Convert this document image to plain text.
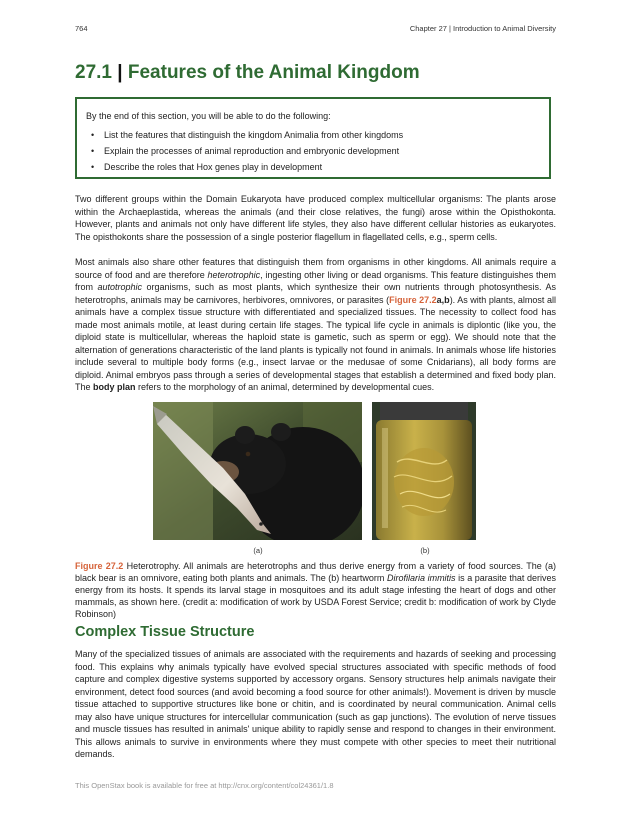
764	Chapter 27 | Introduction to Animal Diversity
27.1 | Features of the Animal Kingdom

By the end of this section, you will be able to do the following:

• List the features that distinguish the kingdom Animalia from other kingdoms
• Explain the processes of animal reproduction and embryonic development
• Describe the roles that Hox genes play in development

Two different groups within the Domain Eukaryota have produced complex multicellular organisms: The plants arose within the Archaeplastida, whereas the animals (and their close relatives, the fungi) arose within the Opisthokonta. However, plants and animals not only have different life styles, they also have different cellular histories as eukaryotes. The opisthokonts share the possession of a single posterior flagellum in flagellated cells, e.g., sperm cells.

Most animals also share other features that distinguish them from organisms in other kingdoms. All animals require a source of food and are therefore heterotrophic, ingesting other living or dead organisms. This feature distinguishes them from autotrophic organisms, such as most plants, which synthesize their own nutrients through photosynthesis. As heterotrophs, animals may be carnivores, herbivores, omnivores, or parasites (Figure 27.2a,b). As with plants, almost all animals have a complex tissue structure with differentiated and specialized tissues. The necessity to collect food has made most animals motile, at least during certain life stages. The typical life cycle in animals is diplontic (like you, the diploid state is multicellular, whereas the haploid state is gametic, such as sperm or egg). We should note that the alternation of generations characteristic of the land plants is typically not found in animals. In animals whose life histories include several to multiple body forms (e.g., insect larvae or the medusae of some Cnidarians), all body forms are diploid. Animal embryos pass through a series of developmental stages that establish a determined and fixed body plan. The body plan refers to the morphology of an animal, determined by developmental cues.

(a)	(b)

Figure 27.2 Heterotrophy. All animals are heterotrophs and thus derive energy from a variety of food sources. The (a) black bear is an omnivore, eating both plants and animals. The (b) heartworm Dirofilaria immitis is a parasite that derives energy from its hosts. It spends its larval stage in mosquitoes and its adult stage infesting the heart of dogs and other mammals, as shown here. (credit a: modification of work by USDA Forest Service; credit b: modification of work by Clyde Robinson)

Complex Tissue Structure

Many of the specialized tissues of animals are associated with the requirements and hazards of seeking and processing food. This explains why animals typically have evolved special structures associated with specific methods of food capture and complex digestive systems supported by accessory organs. Sensory structures help animals navigate their environment, detect food sources (and avoid becoming a food source for other animals!). Movement is driven by muscle tissue attached to supportive structures like bone or chitin, and is coordinated by neural communication. Animal cells may also have unique structures for intercellular communication (such as gap junctions). The evolution of nerve tissues and muscle tissues has resulted in animals' unique ability to rapidly sense and respond to changes in their environment. This allows animals to survive in environments where they must compete with other species to meet their nutritional demands.

This OpenStax book is available for free at http://cnx.org/content/col24361/1.8
